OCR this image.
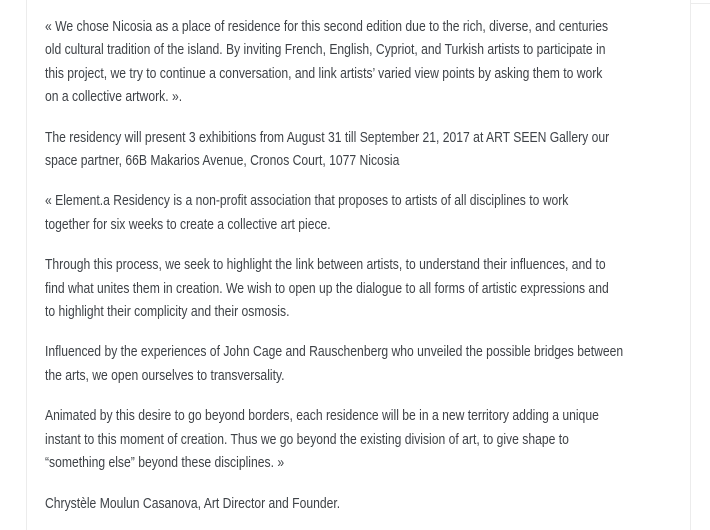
« We chose Nicosia as a place of residence for this second edition due to the rich, diverse, and centuries
old cultural tradition of the island. By inviting French, English, Cypriot, and Turkish artists to participate in
this project, we try to continue a conversation, and link artists’ varied view points by asking them to work
on a collective artwork. ».
The residency will present 3 exhibitions from August 31 till September 21, 2017 at ART SEEN Gallery our
space partner, 66B Makarios Avenue, Cronos Court, 1077 Nicosia
« Element.a Residency is a non-profit association that proposes to artists of all disciplines to work
together for six weeks to create a collective art piece.
Through this process, we seek to highlight the link between artists, to understand their influences, and to
find what unites them in creation. We wish to open up the dialogue to all forms of artistic expressions and
to highlight their complicity and their osmosis.
Influenced by the experiences of John Cage and Rauschenberg who unveiled the possible bridges between
the arts, we open ourselves to transversality.
Animated by this desire to go beyond borders, each residence will be in a new territory adding a unique
instant to this moment of creation. Thus we go beyond the existing division of art, to give shape to
“something else” beyond these disciplines. »
Chrystèle Moulun Casanova, Art Director and Founder.
